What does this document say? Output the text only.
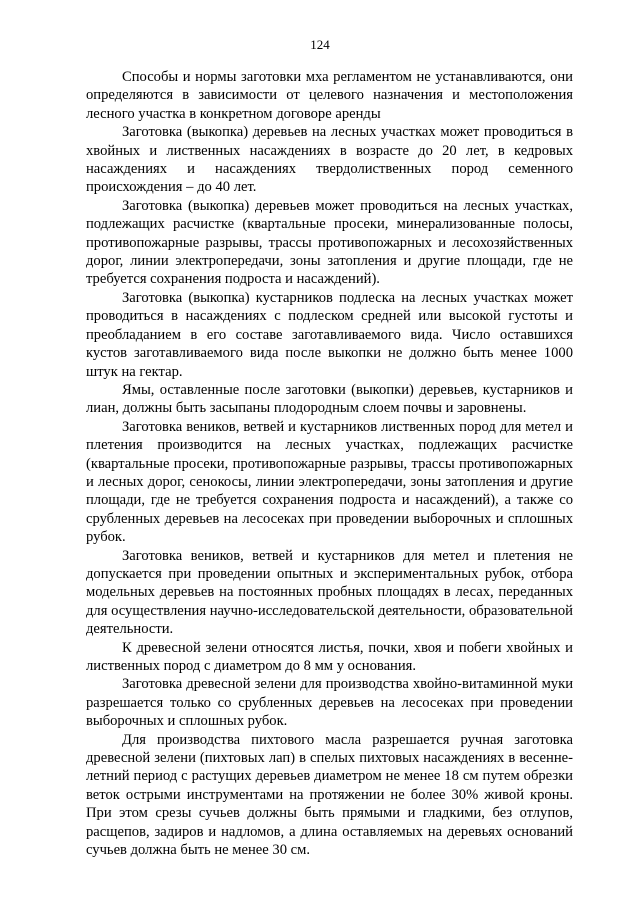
124

Способы и нормы заготовки мха регламентом не устанавливаются, они определяются в зависимости от целевого назначения и местоположения лесного участка в конкретном договоре аренды

Заготовка (выкопка) деревьев на лесных участках может проводиться в хвойных и лиственных насаждениях в возрасте до 20 лет, в кедровых насаждениях и насаждениях твердолиственных пород семенного происхождения – до 40 лет.

Заготовка (выкопка) деревьев может проводиться на лесных участках, подлежащих расчистке (квартальные просеки, минерализованные полосы, противопожарные разрывы, трассы противопожарных и лесохозяйственных дорог, линии электропередачи, зоны затопления и другие площади, где не требуется сохранения подроста и насаждений).

Заготовка (выкопка) кустарников подлеска на лесных участках может проводиться в насаждениях с подлеском средней или высокой густоты и преобладанием в его составе заготавливаемого вида. Число оставшихся кустов заготавливаемого вида после выкопки не должно быть менее 1000 штук на гектар.

Ямы, оставленные после заготовки (выкопки) деревьев, кустарников и лиан, должны быть засыпаны плодородным слоем почвы и заровнены.

Заготовка веников, ветвей и кустарников лиственных пород для метел и плетения производится на лесных участках, подлежащих расчистке (квартальные просеки, противопожарные разрывы, трассы противопожарных и лесных дорог, сенокосы, линии электропередачи, зоны затопления и другие площади, где не требуется сохранения подроста и насаждений), а также со срубленных деревьев на лесосеках при проведении выборочных и сплошных рубок.

Заготовка веников, ветвей и кустарников для метел и плетения не допускается при проведении опытных и экспериментальных рубок, отбора модельных деревьев на постоянных пробных площадях в лесах, переданных для осуществления научно-исследовательской деятельности, образовательной деятельности.

К древесной зелени относятся листья, почки, хвоя и побеги хвойных и лиственных пород с диаметром до 8 мм у основания.

Заготовка древесной зелени для производства хвойно-витаминной муки разрешается только со срубленных деревьев на лесосеках при проведении выборочных и сплошных рубок.

Для производства пихтового масла разрешается ручная заготовка древесной зелени (пихтовых лап) в спелых пихтовых насаждениях в весенне-летний период с растущих деревьев диаметром не менее 18 см путем обрезки веток острыми инструментами на протяжении не более 30% живой кроны. При этом срезы сучьев должны быть прямыми и гладкими, без отлупов, расщепов, задиров и надломов, а длина оставляемых на деревьях оснований сучьев должна быть не менее 30 см.
